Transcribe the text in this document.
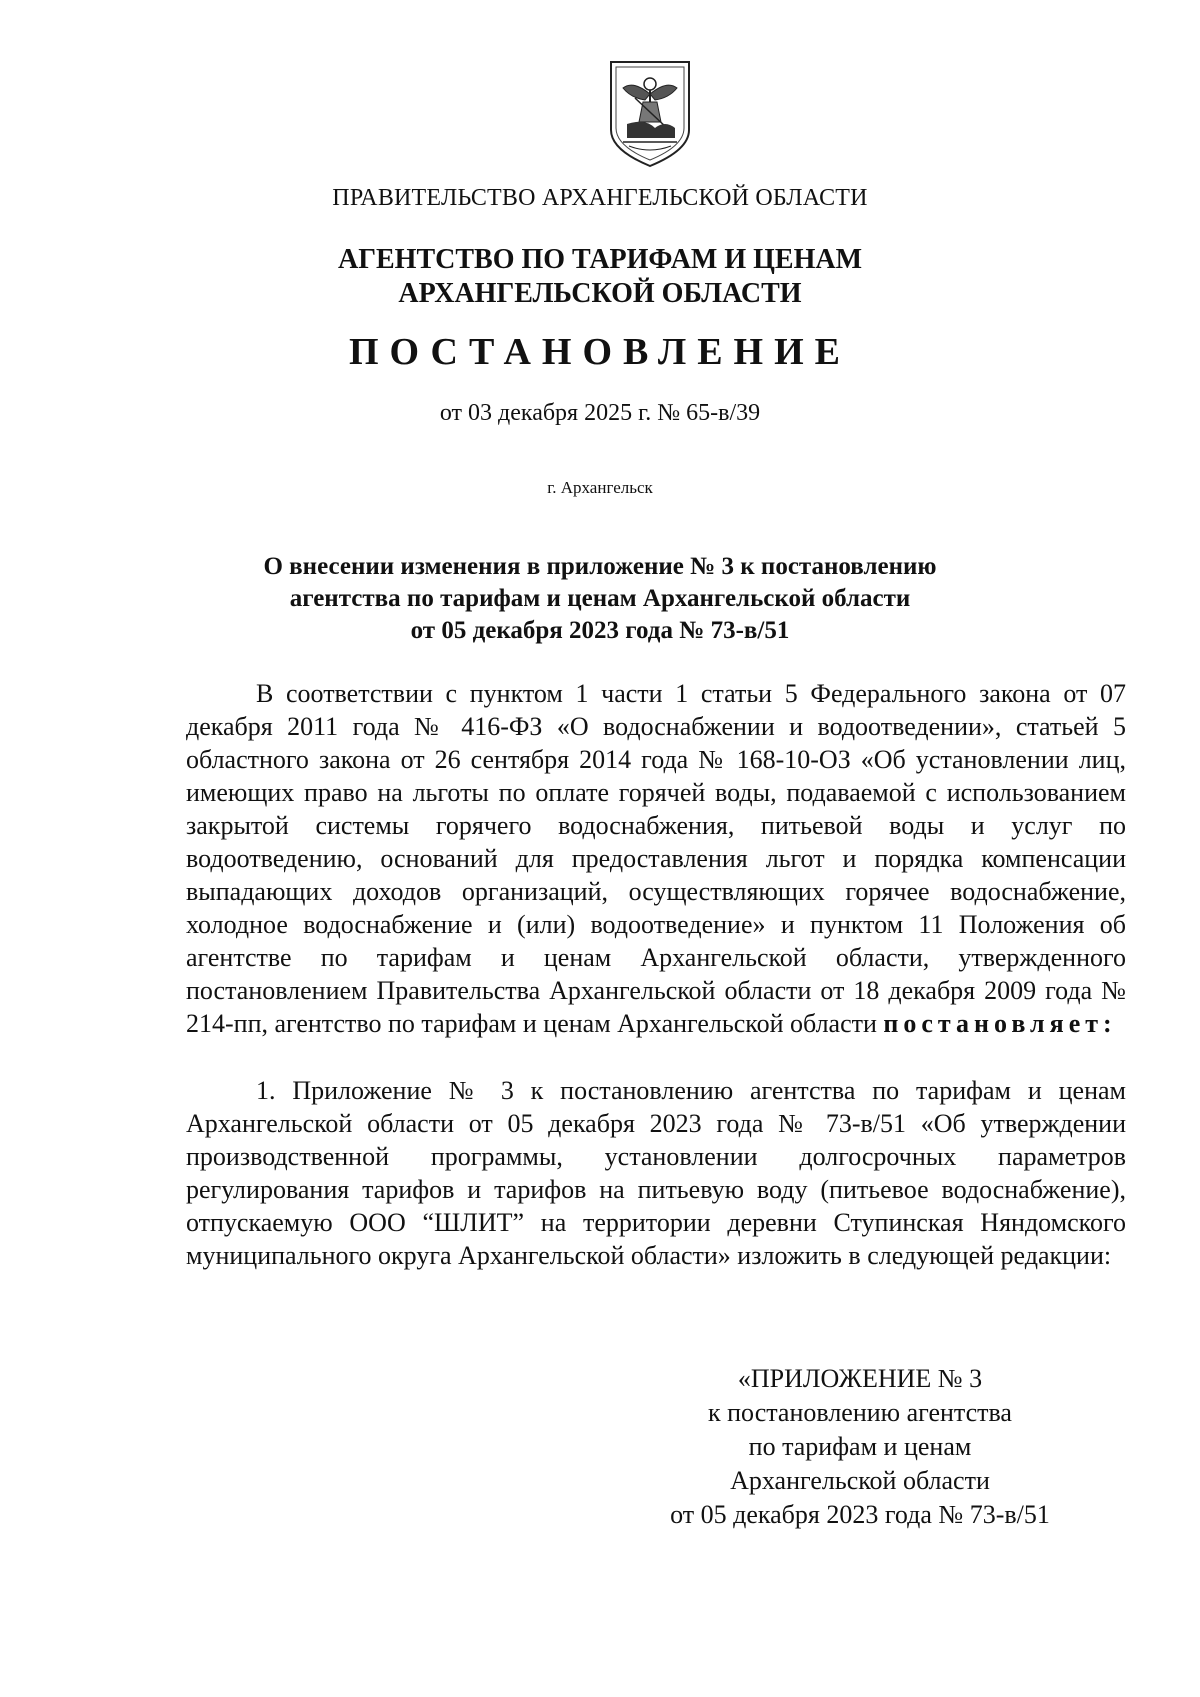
ПРАВИТЕЛЬСТВО АРХАНГЕЛЬСКОЙ ОБЛАСТИ
АГЕНТСТВО ПО ТАРИФАМ И ЦЕНАМ
АРХАНГЕЛЬСКОЙ ОБЛАСТИ
ПОСТАНОВЛЕНИЕ
от 03 декабря 2025 г. № 65-в/39
г. Архангельск
О внесении изменения в приложение № 3 к постановлению
агентства по тарифам и ценам Архангельской области
от 05 декабря 2023 года № 73-в/51

В соответствии с пунктом 1 части 1 статьи 5 Федерального закона от 07 декабря 2011 года № 416-ФЗ «О водоснабжении и водоотведении», статьей 5 областного закона от 26 сентября 2014 года № 168-10-ОЗ «Об установлении лиц, имеющих право на льготы по оплате горячей воды, подаваемой с использованием закрытой системы горячего водоснабжения, питьевой воды и услуг по водоотведению, оснований для предоставления льгот и порядка компенсации выпадающих доходов организаций, осуществляющих горячее водоснабжение, холодное водоснабжение и (или) водоотведение» и пунктом 11 Положения об агентстве по тарифам и ценам Архангельской области, утвержденного постановлением Правительства Архангельской области от 18 декабря 2009 года № 214-пп, агентство по тарифам и ценам Архангельской области постановляет:

1. Приложение № 3 к постановлению агентства по тарифам и ценам Архангельской области от 05 декабря 2023 года № 73-в/51 «Об утверждении производственной программы, установлении долгосрочных параметров регулирования тарифов и тарифов на питьевую воду (питьевое водоснабжение), отпускаемую ООО “ШЛИТ” на территории деревни Ступинская Няндомского муниципального округа Архангельской области» изложить в следующей редакции:

«ПРИЛОЖЕНИЕ № 3
к постановлению агентства
по тарифам и ценам
Архангельской области
от 05 декабря 2023 года № 73-в/51
